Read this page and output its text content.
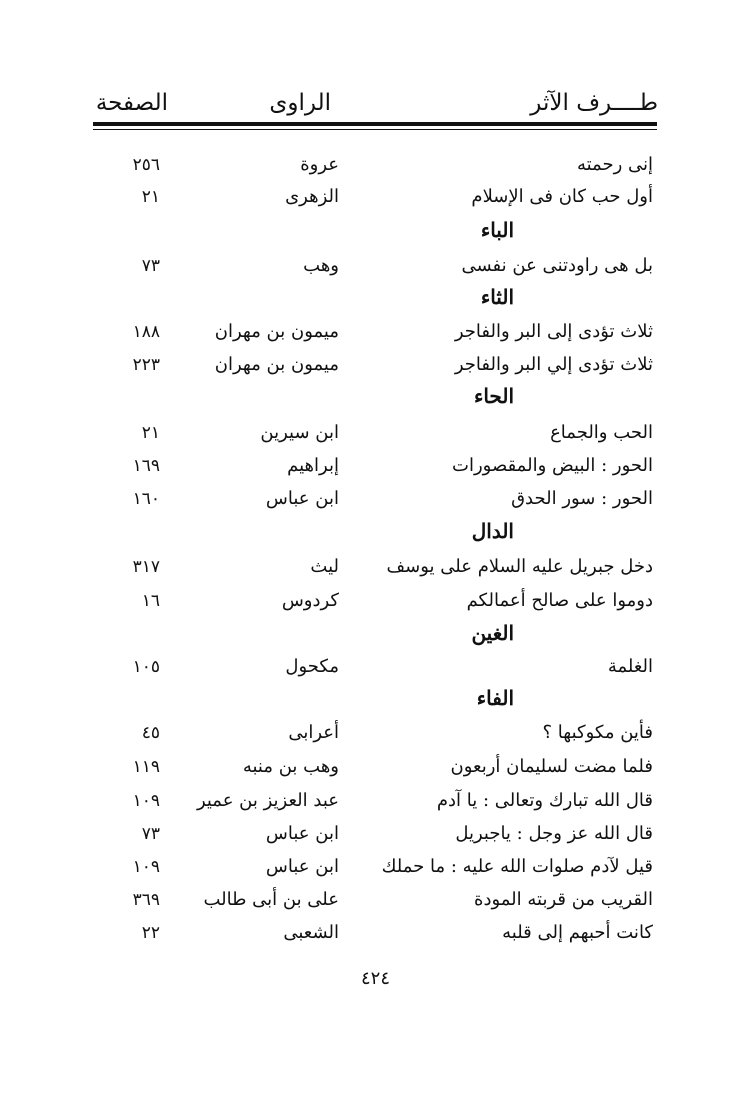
طــــرف الآثر
الراوى
الصفحة
إنى رحمته
عروة
٢٥٦
أول حب كان فى الإسلام
الزهرى
٢١
الباء
بل هى راودتنى عن نفسى
وهب
٧٣
الثاء
ثلاث تؤدى إلى البر والفاجر
ميمون بن مهران
١٨٨
ثلاث تؤدى إلي البر والفاجر
ميمون بن مهران
٢٢٣
الحاء
الحب والجماع
ابن سيرين
٢١
الحور : البيض والمقصورات
إبراهيم
١٦٩
الحور : سور الحدق
ابن عباس
١٦٠
الدال
دخل جبريل عليه السلام على يوسف
ليث
٣١٧
دوموا على صالح أعمالكم
كردوس
١٦
الغين
الغلمة
مكحول
١٠٥
الفاء
فأين مكوكبها ؟
أعرابى
٤٥
فلما مضت لسليمان أربعون
وهب بن منبه
١١٩
قال الله تبارك وتعالى : يا آدم
عبد العزيز بن عمير
١٠٩
قال الله عز وجل : ياجبريل
ابن عباس
٧٣
قيل لآدم صلوات الله عليه : ما حملك
ابن عباس
١٠٩
القريب من قربته المودة
على بن أبى طالب
٣٦٩
كانت أحبهم إلى قلبه
الشعبى
٢٢
٤٢٤
